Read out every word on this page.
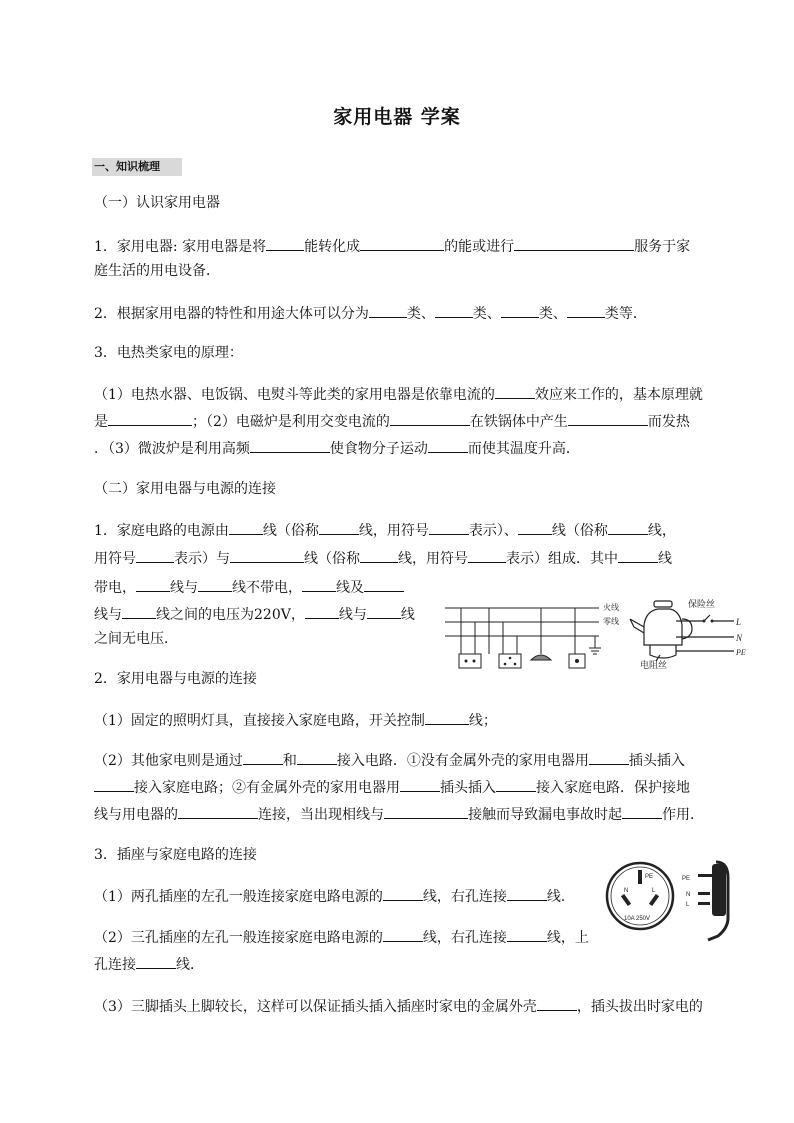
家用电器 学案
一、知识梳理
（一）认识家用电器
1．家用电器: 家用电器是将	能转化成	的能或进行	服务于家
庭生活的用电设备．
2．根据家用电器的特性和用途大体可以分为	类、	类、	类、	类等．
3．电热类家电的原理：
（1）电热水器、电饭锅、电熨斗等此类的家用电器是依靠电流的	效应来工作的，基本原理就
是	；（2）电磁炉是利用交变电流的	在铁锅体中产生	而发热
．（3）微波炉是利用高频	使食物分子运动	而使其温度升高．
（二）家用电器与电源的连接
1．家庭电路的电源由 线（俗称	线，用符号	表示）、 线（俗称	线，
用符号	表示）与	线（俗称	线，用符号	表示）组成．其中	线
带电， 线与 线不带电， 线及
线与 线之间的电压为220V， 线与 线
之间无电压．
火线
零线
保险丝
L
N
PE
电阻丝
2．家用电器与电源的连接
（1）固定的照明灯具，直接接入家庭电路，开关控制	线；
（2）其他家电则是通过	和	接入电路．①没有金属外壳的家用电器用	插头插入
接入家庭电路；②有金属外壳的家用电器用	插头插入	接入家庭电路．保护接地
线与用电器的	连接，当出现相线与	接触而导致漏电事故时起	作用．
3．插座与家庭电路的连接
（1）两孔插座的左孔一般连接家庭电路电源的	线，右孔连接	线．
（2）三孔插座的左孔一般连接家庭电路电源的	线，右孔连接	线，上
孔连接	线．
（3）三脚插头上脚较长，这样可以保证插头插入插座时家电的金属外壳	，插头拔出时家电的
PE
N	L
10A 250V
PE
N
L
